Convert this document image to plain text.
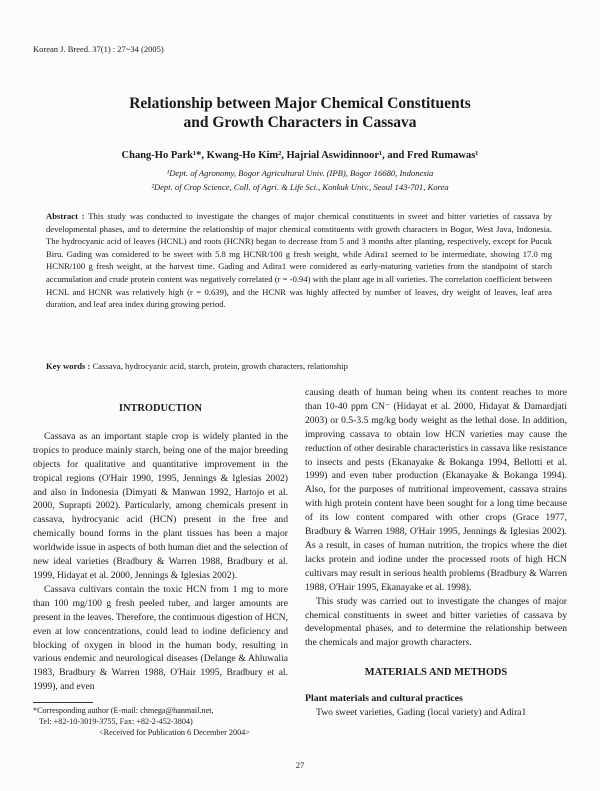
Korean J. Breed. 37(1) : 27~34 (2005)
Relationship between Major Chemical Constituents
and Growth Characters in Cassava
Chang-Ho Park¹*, Kwang-Ho Kim², Hajrial Aswidinnoor¹, and Fred Rumawas¹
¹Dept. of Agronomy, Bogor Agricultural Univ. (IPB), Bogor 16680, Indonesia
²Dept. of Crop Science, Coll. of Agri. & Life Sci., Konkuk Univ., Seoul 143-701, Korea
Abstract : This study was conducted to investigate the changes of major chemical constituents in sweet and bitter varieties of cassava by developmental phases, and to determine the relationship of major chemical constituents with growth characters in Bogor, West Java, Indonesia. The hydrocyanic acid of leaves (HCNL) and roots (HCNR) began to decrease from 5 and 3 months after planting, respectively, except for Pucuk Biru. Gading was considered to be sweet with 5.8 mg HCNR/100 g fresh weight, while Adira1 seemed to be intermediate, showing 17.0 mg HCNR/100 g fresh weight, at the harvest time. Gading and Adira1 were considered as early-maturing varieties from the standpoint of starch accumulation and crude protein content was negatively correlated (r = -0.94) with the plant age in all varieties. The correlation coefficient between HCNL and HCNR was relatively high (r = 0.639), and the HCNR was highly affected by number of leaves, dry weight of leaves, leaf area duration, and leaf area index during growing period.
Key words : Cassava, hydrocyanic acid, starch, protein, growth characters, relationship

INTRODUCTION

Cassava as an important staple crop is widely planted in the tropics to produce mainly starch, being one of the major breeding objects for qualitative and quantitative improvement in the tropical regions (O'Hair 1990, 1995, Jennings & Iglesias 2002) and also in Indonesia (Dimyati & Manwan 1992, Hartojo et al. 2000, Suprapti 2002). Particularly, among chemicals present in cassava, hydrocyanic acid (HCN) present in the free and chemically bound forms in the plant tissues has been a major worldwide issue in aspects of both human diet and the selection of new ideal varieties (Bradbury & Warren 1988, Bradbury et al. 1999, Hidayat et al. 2000, Jennings & Iglesias 2002).

Cassava cultivars contain the toxic HCN from 1 mg to more than 100 mg/100 g fresh peeled tuber, and larger amounts are present in the leaves. Therefore, the continuous digestion of HCN, even at low concentrations, could lead to iodine deficiency and blocking of oxygen in blood in the human body, resulting in various endemic and neurological diseases (Delange & Ahluwalia 1983, Bradbury & Warren 1988, O'Hair 1995, Bradbury et al. 1999), and even

causing death of human being when its content reaches to more than 10-40 ppm CN⁻ (Hidayat et al. 2000, Hidayat & Damardjati 2003) or 0.5-3.5 mg/kg body weight as the lethal dose. In addition, improving cassava to obtain low HCN varieties may cause the reduction of other desirable characteristics in cassava like resistance to insects and pests (Ekanayake & Bokanga 1994, Bellotti et al. 1999) and even tuber production (Ekanayake & Bokanga 1994). Also, for the purposes of nutritional improvement, cassava strains with high protein content have been sought for a long time because of its low content compared with other crops (Grace 1977, Bradbury & Warren 1988, O'Hair 1995, Jennings & Iglesias 2002). As a result, in cases of human nutrition, the tropics where the diet lacks protein and iodine under the processed roots of high HCN cultivars may result in serious health problems (Bradbury & Warren 1988, O'Hair 1995, Ekanayake et al. 1998).

This study was carried out to investigate the changes of major chemical constituents in sweet and bitter varieties of cassava by developmental phases, and to determine the relationship between the chemicals and major growth characters.

MATERIALS AND METHODS

Plant materials and cultural practices

Two sweet varieties, Gading (local variety) and Adira1

*Corresponding author (E-mail: chmega@hanmail.net,
Tel: +82-10-3019-3755, Fax: +82-2-452-3804)
<Received for Publication 6 December 2004>
27
